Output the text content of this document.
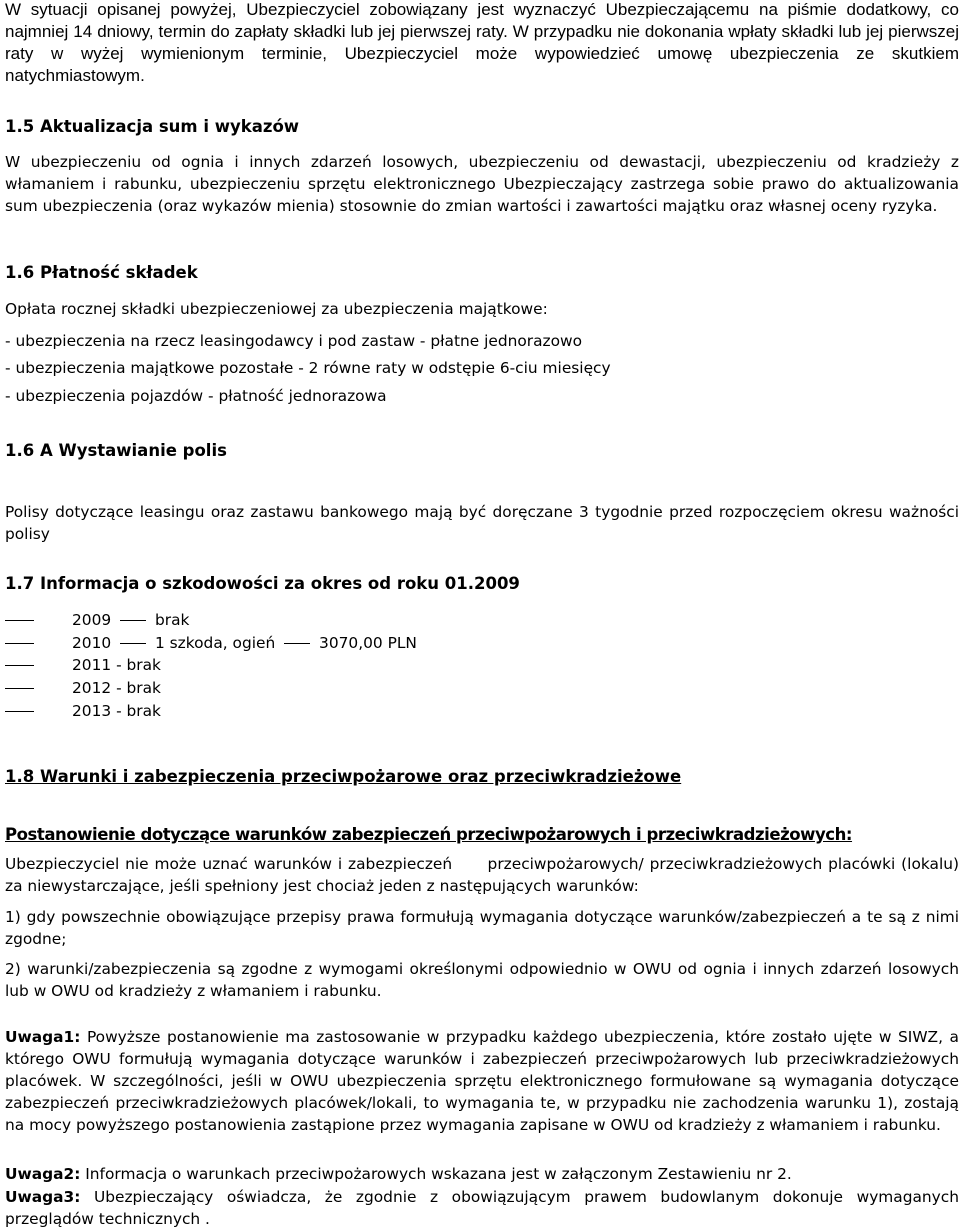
W sytuacji opisanej powyżej, Ubezpieczyciel zobowiązany jest wyznaczyć Ubezpieczającemu na piśmie dodatkowy, co najmniej 14 dniowy, termin do zapłaty składki lub jej pierwszej raty. W przypadku nie dokonania wpłaty składki lub jej pierwszej raty w wyżej wymienionym terminie, Ubezpieczyciel może wypowiedzieć umowę ubezpieczenia ze skutkiem natychmiastowym.

1.5 Aktualizacja sum i wykazów

W ubezpieczeniu od ognia i innych zdarzeń losowych, ubezpieczeniu od dewastacji, ubezpieczeniu od kradzieży z włamaniem i rabunku, ubezpieczeniu sprzętu elektronicznego Ubezpieczający zastrzega sobie prawo do aktualizowania sum ubezpieczenia (oraz wykazów mienia) stosownie do zmian wartości i zawartości majątku oraz własnej oceny ryzyka.

1.6 Płatność składek
Opłata rocznej składki ubezpieczeniowej za ubezpieczenia majątkowe:
- ubezpieczenia na rzecz leasingodawcy i pod zastaw - płatne jednorazowo
- ubezpieczenia majątkowe pozostałe - 2 równe raty w odstępie 6-ciu miesięcy
- ubezpieczenia pojazdów - płatność jednorazowa
1.6 A Wystawianie polis

Polisy dotyczące leasingu oraz zastawu bankowego mają być doręczane 3 tygodnie przed rozpoczęciem okresu ważności polisy

1.7 Informacja o szkodowości za okres od roku 01.2009
2009	brak
2010	1 szkoda, ogień	3070,00 PLN
2011 - brak
2012 - brak
2013 - brak
1.8 Warunki i zabezpieczenia przeciwpożarowe oraz przeciwkradzieżowe
Postanowienie dotyczące warunków zabezpieczeń przeciwpożarowych i przeciwkradzieżowych:

Ubezpieczyciel nie może uznać warunków i zabezpieczeń przeciwpożarowych/ przeciwkradzieżowych placówki (lokalu) za niewystarczające, jeśli spełniony jest chociaż jeden z następujących warunków:

1) gdy powszechnie obowiązujące przepisy prawa formułują wymagania dotyczące warunków/zabezpieczeń a te są z nimi zgodne;

2) warunki/zabezpieczenia są zgodne z wymogami określonymi odpowiednio w OWU od ognia i innych zdarzeń losowych lub w OWU od kradzieży z włamaniem i rabunku.

Uwaga1: Powyższe postanowienie ma zastosowanie w przypadku każdego ubezpieczenia, które zostało ujęte w SIWZ, a którego OWU formułują wymagania dotyczące warunków i zabezpieczeń przeciwpożarowych lub przeciwkradzieżowych placówek. W szczególności, jeśli w OWU ubezpieczenia sprzętu elektronicznego formułowane są wymagania dotyczące zabezpieczeń przeciwkradzieżowych placówek/lokali, to wymagania te, w przypadku nie zachodzenia warunku 1), zostają na mocy powyższego postanowienia zastąpione przez wymagania zapisane w OWU od kradzieży z włamaniem i rabunku.

Uwaga2: Informacja o warunkach przeciwpożarowych wskazana jest w załączonym Zestawieniu nr 2.

Uwaga3: Ubezpieczający oświadcza, że zgodnie z obowiązującym prawem budowlanym dokonuje wymaganych przeglądów technicznych .
